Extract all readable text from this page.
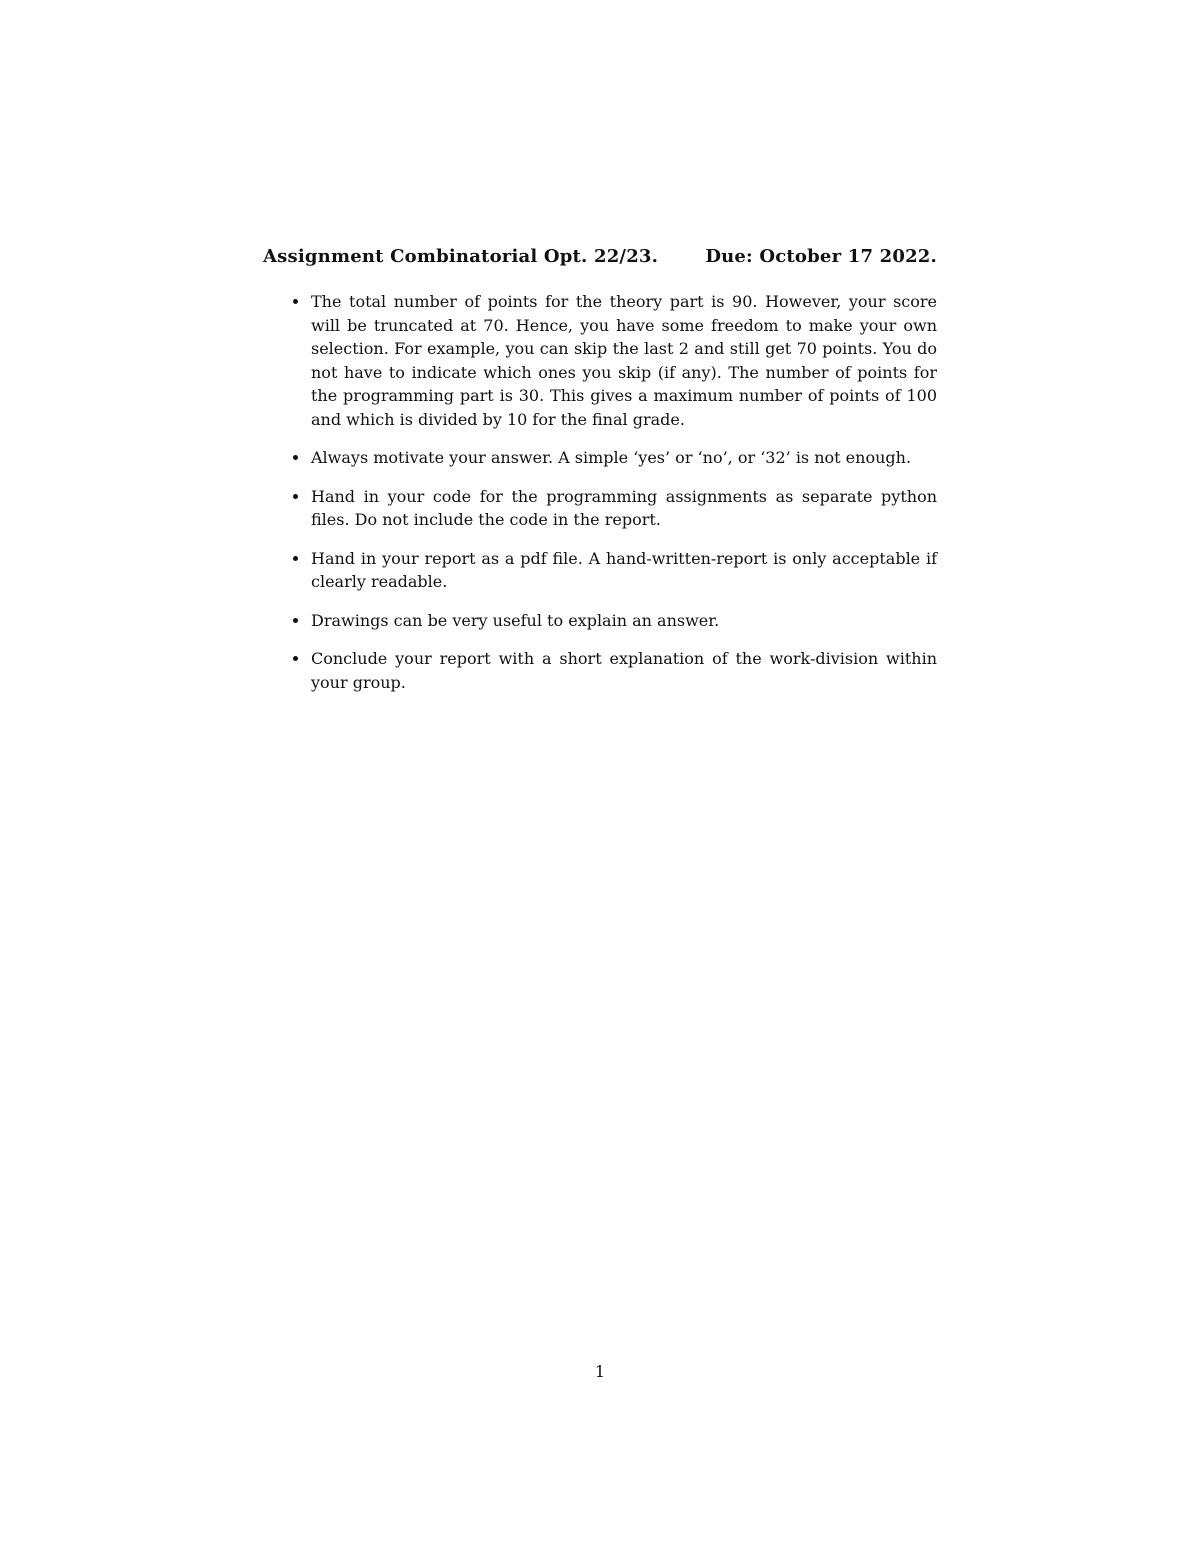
Assignment Combinatorial Opt. 22/23.	Due: October 17 2022.
The total number of points for the theory part is 90. However, your score will be truncated at 70. Hence, you have some freedom to make your own selection. For example, you can skip the last 2 and still get 70 points. You do not have to indicate which ones you skip (if any). The number of points for the programming part is 30. This gives a maximum number of points of 100 and which is divided by 10 for the final grade.
Always motivate your answer. A simple ‘yes’ or ‘no’, or ‘32’ is not enough.
Hand in your code for the programming assignments as separate python files. Do not include the code in the report.
Hand in your report as a pdf file. A hand-written-report is only acceptable if clearly readable.
Drawings can be very useful to explain an answer.
Conclude your report with a short explanation of the work-division within your group.
1
